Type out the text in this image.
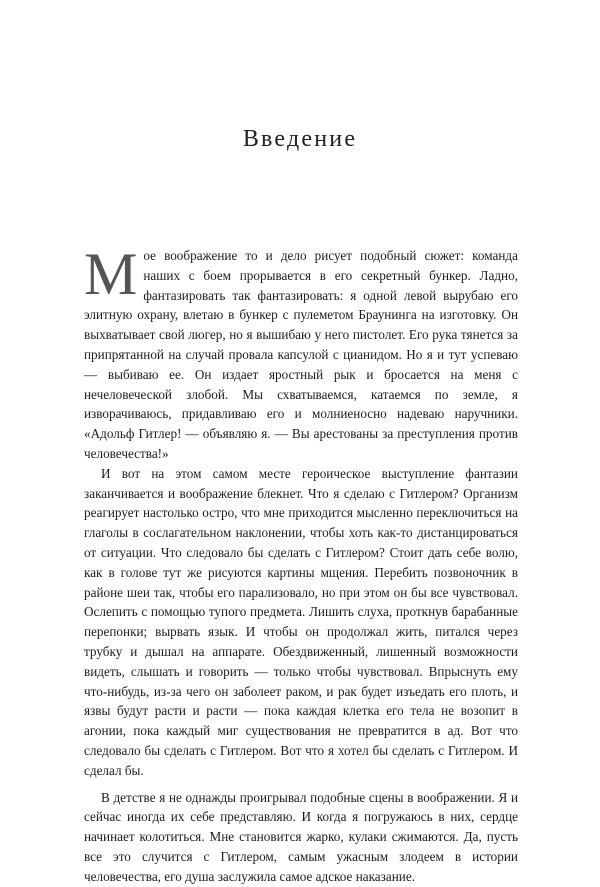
Введение

Мое воображение то и дело рисует подобный сюжет: команда наших с боем прорывается в его секретный бункер. Ладно, фантазировать так фантазировать: я одной левой вырубаю его элитную охрану, влетаю в бункер с пулеметом Браунинга на изготовку. Он выхватывает свой люгер, но я вышибаю у него пистолет. Его рука тянется за припрятанной на случай провала капсулой с цианидом. Но я и тут успеваю — выбиваю ее. Он издает яростный рык и бросается на меня с нечеловеческой злобой. Мы схватываемся, катаемся по земле, я изворачиваюсь, придавливаю его и молниеносно надеваю наручники. «Адольф Гитлер! — объявляю я. — Вы арестованы за преступления против человечества!»

И вот на этом самом месте героическое выступление фантазии заканчивается и воображение блекнет. Что я сделаю с Гитлером? Организм реагирует настолько остро, что мне приходится мысленно переключиться на глаголы в сослагательном наклонении, чтобы хоть как-то дистанцироваться от ситуации. Что следовало бы сделать с Гитлером? Стоит дать себе волю, как в голове тут же рисуются картины мщения. Перебить позвоночник в районе шеи так, чтобы его парализовало, но при этом он бы все чувствовал. Ослепить с помощью тупого предмета. Лишить слуха, проткнув барабанные перепонки; вырвать язык. И чтобы он продолжал жить, питался через трубку и дышал на аппарате. Обездвиженный, лишенный возможности видеть, слышать и говорить — только чтобы чувствовал. Впрыснуть ему что-нибудь, из-за чего он заболеет раком, и рак будет изъедать его плоть, и язвы будут расти и расти — пока каждая клетка его тела не возопит в агонии, пока каждый миг существования не превратится в ад. Вот что следовало бы сделать с Гитлером. Вот что я хотел бы сделать с Гитлером. И сделал бы.

В детстве я не однажды проигрывал подобные сцены в воображении. Я и сейчас иногда их себе представляю. И когда я погружаюсь в них, сердце начинает колотиться. Мне становится жарко, кулаки сжимаются. Да, пусть все это случится с Гитлером, самым ужасным злодеем в истории человечества, его душа заслужила самое адское наказание.
